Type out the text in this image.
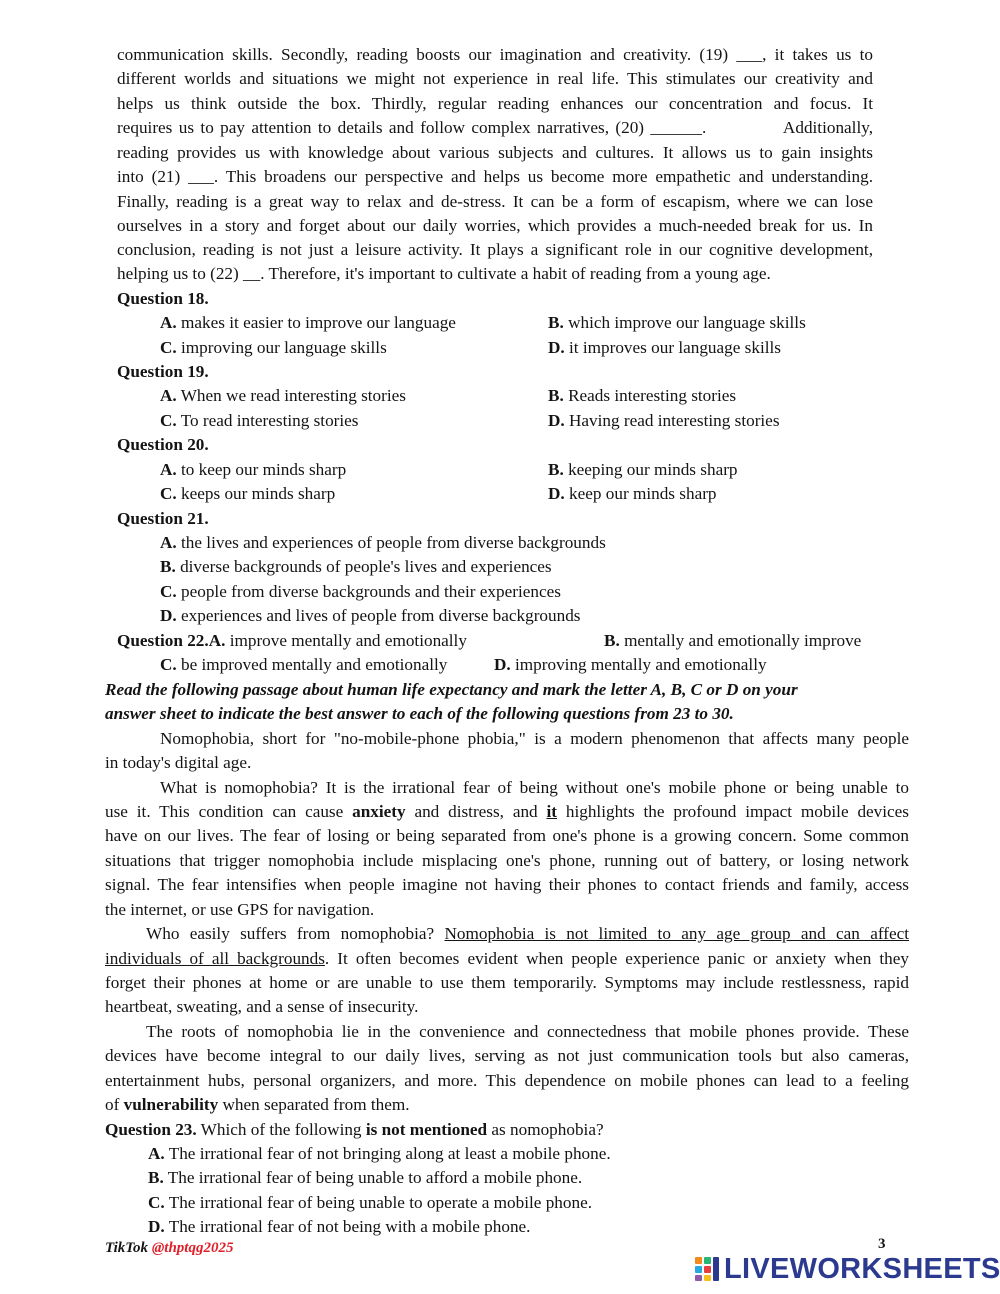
communication skills. Secondly, reading boosts our imagination and creativity. (19) ___, it takes us to
different worlds and situations we might not experience in real life. This stimulates our creativity and
helps us think outside the box. Thirdly, regular reading enhances our concentration and focus. It
requires us to pay attention to details and follow complex narratives, (20) ______.            Additionally,
reading provides us with knowledge about various subjects and cultures. It allows us to gain insights
into (21) ___. This broadens our perspective and helps us become more empathetic and understanding.
Finally, reading is a great way to relax and de-stress. It can be a form of escapism, where we can lose
ourselves in a story and forget about our daily worries, which provides a much-needed break for us. In
conclusion, reading is not just a leisure activity. It plays a significant role in our cognitive development,
helping us to (22) __. Therefore, it's important to cultivate a habit of reading from a young age.
Question 18.
A. makes it easier to improve our language	B. which improve our language skills
C. improving our language skills	D. it improves our language skills
Question 19.
A. When we read interesting stories	B. Reads interesting stories
C. To read interesting stories	D. Having read interesting stories
Question 20.
A. to keep our minds sharp	B. keeping our minds sharp
C. keeps our minds sharp	D. keep our minds sharp
Question 21.
A. the lives and experiences of people from diverse backgrounds
B. diverse backgrounds of people's lives and experiences
C. people from diverse backgrounds and their experiences
D. experiences and lives of people from diverse backgrounds
Question 22.A. improve mentally and emotionally	B. mentally and emotionally improve
C. be improved mentally and emotionally	D. improving mentally and emotionally
Read the following passage about human life expectancy and mark the letter A, B, C or D on your
answer sheet to indicate the best answer to each of the following questions from 23 to 30.
Nomophobia, short for "no-mobile-phone phobia," is a modern phenomenon that affects many people
in today's digital age.
What is nomophobia? It is the irrational fear of being without one's mobile phone or being unable to
use it. This condition can cause anxiety and distress, and it highlights the profound impact mobile devices
have on our lives. The fear of losing or being separated from one's phone is a growing concern. Some common
situations that trigger nomophobia include misplacing one's phone, running out of battery, or losing network
signal. The fear intensifies when people imagine not having their phones to contact friends and family, access
the internet, or use GPS for navigation.
Who easily suffers from nomophobia? Nomophobia is not limited to any age group and can affect
individuals of all backgrounds. It often becomes evident when people experience panic or anxiety when they
forget their phones at home or are unable to use them temporarily. Symptoms may include restlessness, rapid
heartbeat, sweating, and a sense of insecurity.
The roots of nomophobia lie in the convenience and connectedness that mobile phones provide. These
devices have become integral to our daily lives, serving as not just communication tools but also cameras,
entertainment hubs, personal organizers, and more. This dependence on mobile phones can lead to a feeling
of vulnerability when separated from them.
Question 23. Which of the following is not mentioned as nomophobia?
A. The irrational fear of not bringing along at least a mobile phone.
B. The irrational fear of being unable to afford a mobile phone.
C. The irrational fear of being unable to operate a mobile phone.
D. The irrational fear of not being with a mobile phone.
TikTok @thptqg2025	3
LIVEWORKSHEETS
